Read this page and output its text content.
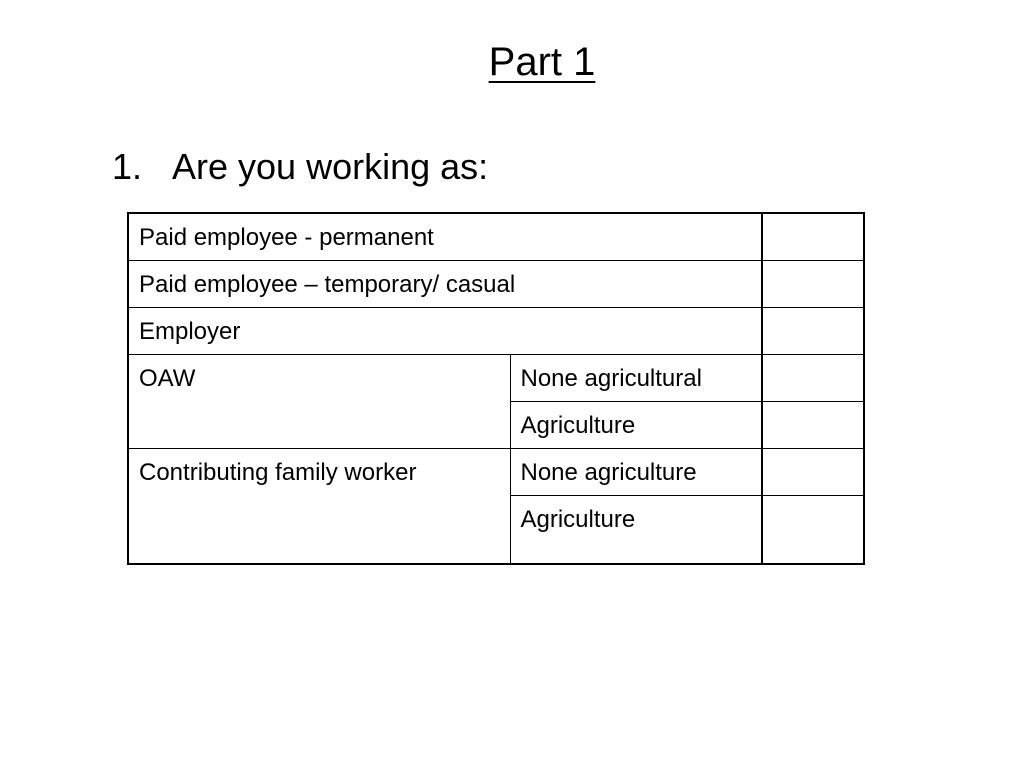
Part 1
1. Are you working as:
Paid employee - permanent		
Paid employee – temporary/ casual		
Employer		
OAW	None agricultural	
	Agriculture	
Contributing family worker	None agriculture	
	Agriculture	
